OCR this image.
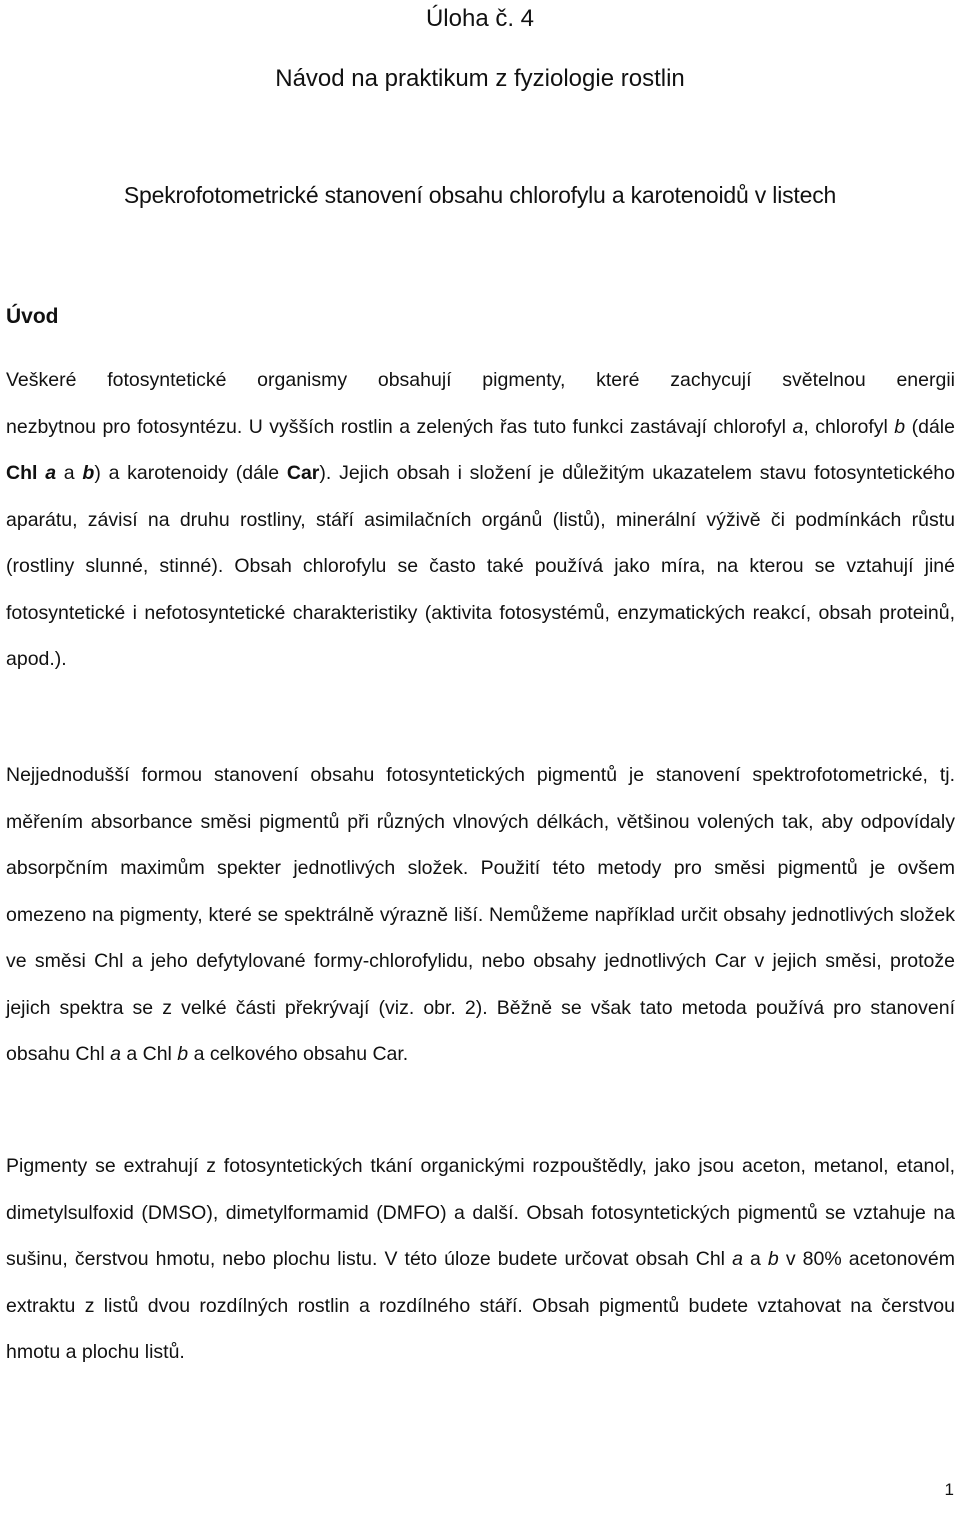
Úloha č. 4
Návod na praktikum z fyziologie rostlin
Spekrofotometrické stanovení obsahu chlorofylu a karotenoidů v listech
Úvod
Veškeré fotosyntetické organismy obsahují pigmenty, které zachycují světelnou energii
nezbytnou pro fotosyntézu. U vyšších rostlin a zelených řas tuto funkci zastávají chlorofyl a, chlorofyl b (dále Chl a a b) a karotenoidy (dále Car). Jejich obsah i složení je důležitým ukazatelem stavu fotosyntetického aparátu, závisí na druhu rostliny, stáří asimilačních orgánů (listů), minerální výživě či podmínkách růstu (rostliny slunné, stinné). Obsah chlorofylu se často také používá jako míra, na kterou se vztahují jiné fotosyntetické i nefotosyntetické charakteristiky (aktivita fotosystémů, enzymatických reakcí, obsah proteinů, apod.).
Nejjednodušší formou stanovení obsahu fotosyntetických pigmentů je stanovení spektrofotometrické, tj. měřením absorbance směsi pigmentů při různých vlnových délkách, většinou volených tak, aby odpovídaly absorpčním maximům spekter jednotlivých složek. Použití této metody pro směsi pigmentů je ovšem omezeno na pigmenty, které se spektrálně výrazně liší. Nemůžeme například určit obsahy jednotlivých složek ve směsi Chl a jeho defytylované formy-chlorofylidu, nebo obsahy jednotlivých Car v jejich směsi, protože jejich spektra se z velké části překrývají (viz. obr. 2). Běžně se však tato metoda používá pro stanovení obsahu Chl a a Chl b a celkového obsahu Car.
Pigmenty se extrahují z fotosyntetických tkání organickými rozpouštědly, jako jsou aceton, metanol, etanol, dimetylsulfoxid (DMSO), dimetylformamid (DMFO) a další. Obsah fotosyntetických pigmentů se vztahuje na sušinu, čerstvou hmotu, nebo plochu listu. V této úloze budete určovat obsah Chl a a b v 80% acetonovém extraktu z listů dvou rozdílných rostlin a rozdílného stáří. Obsah pigmentů budete vztahovat na čerstvou hmotu a plochu listů.
1
